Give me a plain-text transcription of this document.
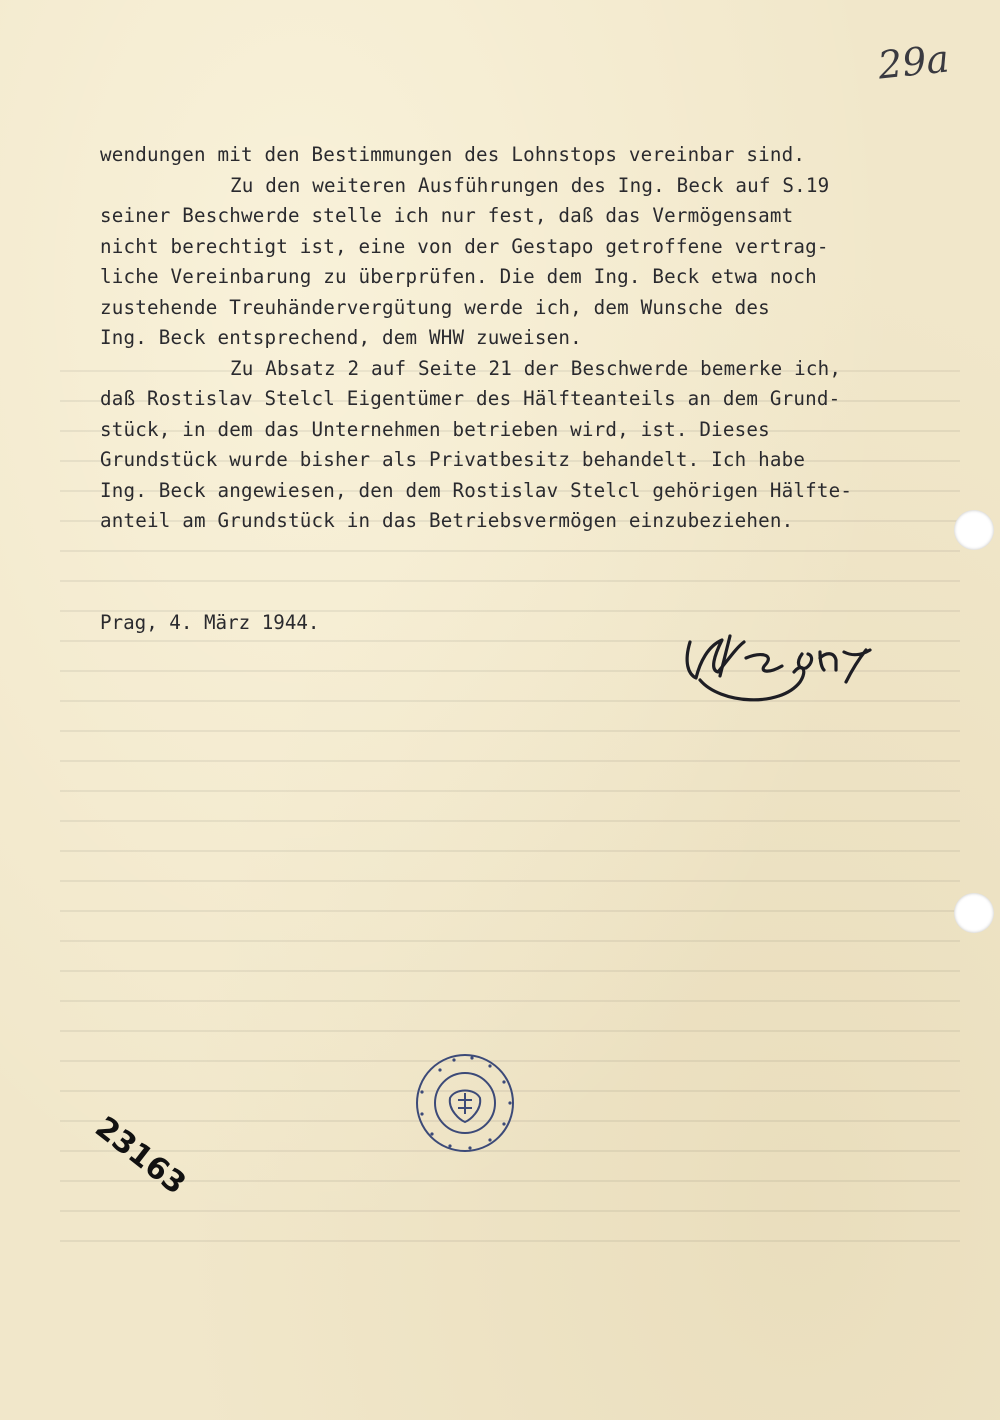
29a
wendungen mit den Bestimmungen des Lohnstops vereinbar sind.
Zu den weiteren Ausführungen des Ing. Beck auf S.19
seiner Beschwerde stelle ich nur fest, daß das Vermögensamt
nicht berechtigt ist, eine von der Gestapo getroffene vertrag-
liche Vereinbarung zu überprüfen. Die dem Ing. Beck etwa noch
zustehende Treuhändervergütung werde ich, dem Wunsche des
Ing. Beck entsprechend, dem WHW zuweisen.
Zu Absatz 2 auf Seite 21 der Beschwerde bemerke ich,
daß Rostislav Stelcl Eigentümer des Hälfteanteils an dem Grund-
stück, in dem das Unternehmen betrieben wird, ist. Dieses
Grundstück wurde bisher als Privatbesitz behandelt. Ich habe
Ing. Beck angewiesen, den dem Rostislav Stelcl gehörigen Hälfte-
anteil am Grundstück in das Betriebsvermögen einzubeziehen.
Prag, 4. März 1944.
23163
